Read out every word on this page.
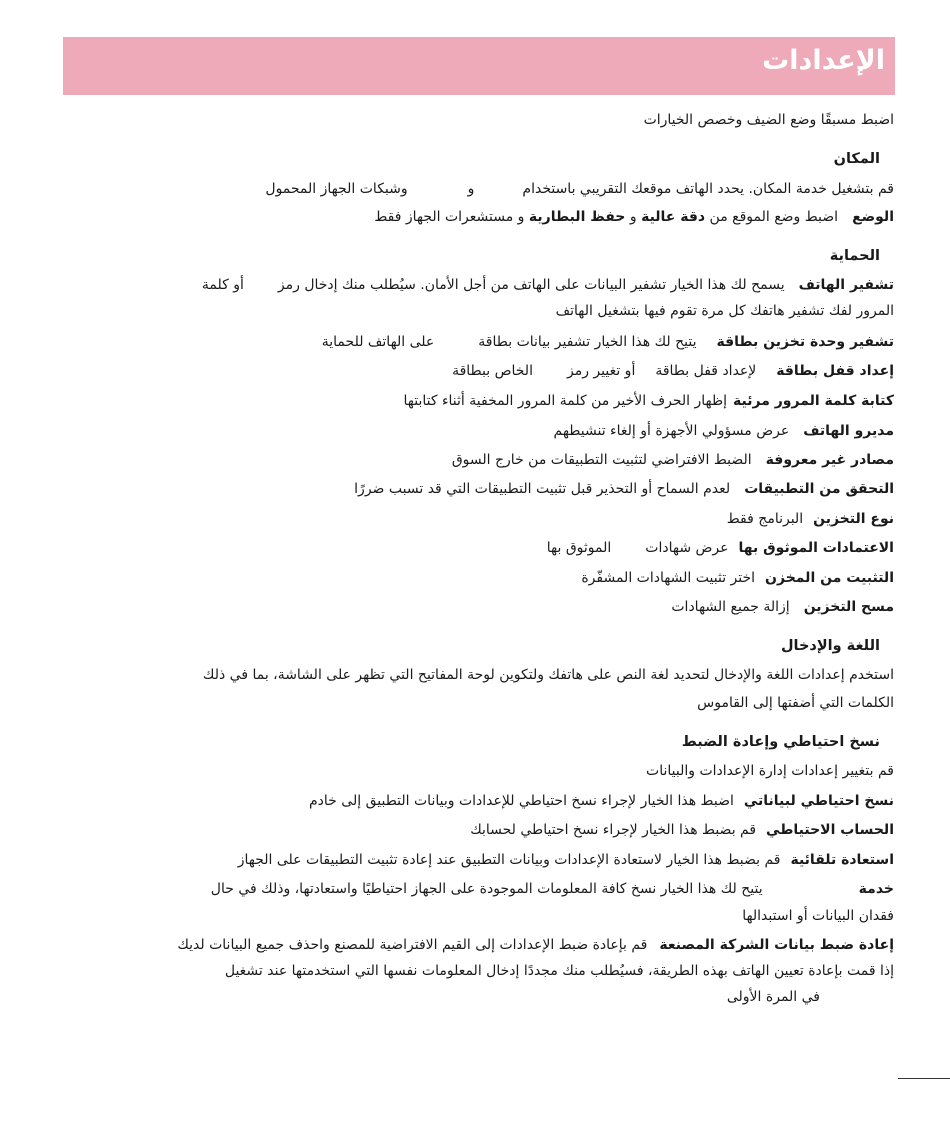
الإعدادات
اضبط مسبقًا وضع الضيف وخصص الخيارات
المكان
قم بتشغيل خدمة المكان. يحدد الهاتف موقعك التقريبي باستخدامووشبكات الجهاز المحمول
الوضعاضبط وضع الموقع من دقة عالية و حفظ البطارية و مستشعرات الجهاز فقط
الحماية
تشفير الهاتفيسمح لك هذا الخيار تشفير البيانات على الهاتف من أجل الأمان. سيُطلب منك إدخال رمزأو كلمة
المرور لفك تشفير هاتفك كل مرة تقوم فيها بتشغيل الهاتف
تشفير وحدة تخزين بطاقةيتيح لك هذا الخيار تشفير بيانات بطاقةعلى الهاتف للحماية
إعداد قفل بطاقةلإعداد قفل بطاقةأو تغيير رمزالخاص ببطاقة
كتابة كلمة المرور مرئيةإظهار الحرف الأخير من كلمة المرور المخفية أثناء كتابتها
مديرو الهاتفعرض مسؤولي الأجهزة أو إلغاء تنشيطهم
مصادر غير معروفةالضبط الافتراضي لتثبيت التطبيقات من خارج السوق
التحقق من التطبيقاتلعدم السماح أو التحذير قبل تثبيت التطبيقات التي قد تسبب ضررًا
نوع التخزينالبرنامج فقط
الاعتمادات الموثوق بهاعرض شهاداتالموثوق بها
التثبيت من المخزناختر تثبيت الشهادات المشفّرة
مسح التخزينإزالة جميع الشهادات
اللغة والإدخال
استخدم إعدادات اللغة والإدخال لتحديد لغة النص على هاتفك ولتكوين لوحة المفاتيح التي تظهر على الشاشة، بما في ذلك
الكلمات التي أضفتها إلى القاموس
نسخ احتياطي وإعادة الضبط
قم بتغيير إعدادات إدارة الإعدادات والبيانات
نسخ احتياطي لبياناتياضبط هذا الخيار لإجراء نسخ احتياطي للإعدادات وبيانات التطبيق إلى خادم
الحساب الاحتياطيقم بضبط هذا الخيار لإجراء نسخ احتياطي لحسابك
استعادة تلقائيةقم بضبط هذا الخيار لاستعادة الإعدادات وبيانات التطبيق عند إعادة تثبيت التطبيقات على الجهاز
خدمةيتيح لك هذا الخيار نسخ كافة المعلومات الموجودة على الجهاز احتياطيًا واستعادتها، وذلك في حال
فقدان البيانات أو استبدالها
إعادة ضبط بيانات الشركة المصنعةقم بإعادة ضبط الإعدادات إلى القيم الافتراضية للمصنع واحذف جميع البيانات لديك
إذا قمت بإعادة تعيين الهاتف بهذه الطريقة، فسيُطلب منك مجددًا إدخال المعلومات نفسها التي استخدمتها عند تشغيل
في المرة الأولى
